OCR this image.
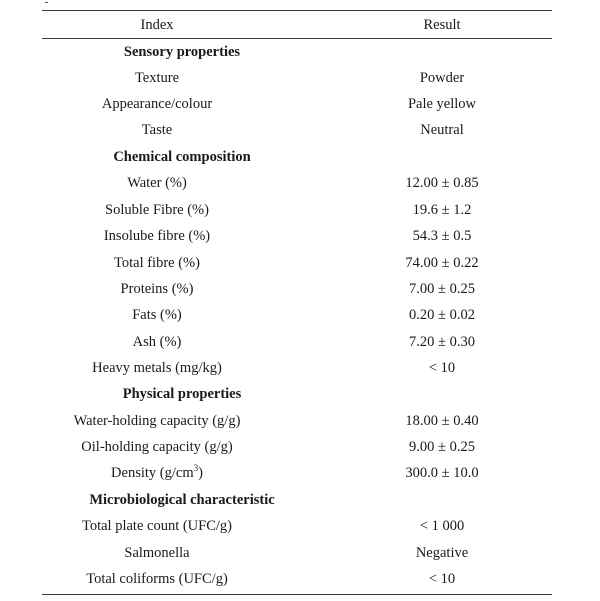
Index	Result
Sensory properties
Texture	Powder
Appearance/colour	Pale yellow
Taste	Neutral
Chemical composition
Water (%)	12.00 ± 0.85
Soluble Fibre (%)	19.6 ± 1.2
Insolube fibre (%)	54.3 ± 0.5
Total fibre (%)	74.00 ± 0.22
Proteins (%)	7.00 ± 0.25
Fats (%)	0.20 ± 0.02
Ash (%)	7.20 ± 0.30
Heavy metals (mg/kg)	< 10
Physical properties
Water-holding capacity (g/g)	18.00 ± 0.40
Oil-holding capacity (g/g)	9.00 ± 0.25
Density $(g/cm^3)$	300.0 ± 10.0
Microbiological characteristic
Total plate count (UFC/g)	< 1 000
Salmonella	Negative
Total coliforms (UFC/g)	< 10
